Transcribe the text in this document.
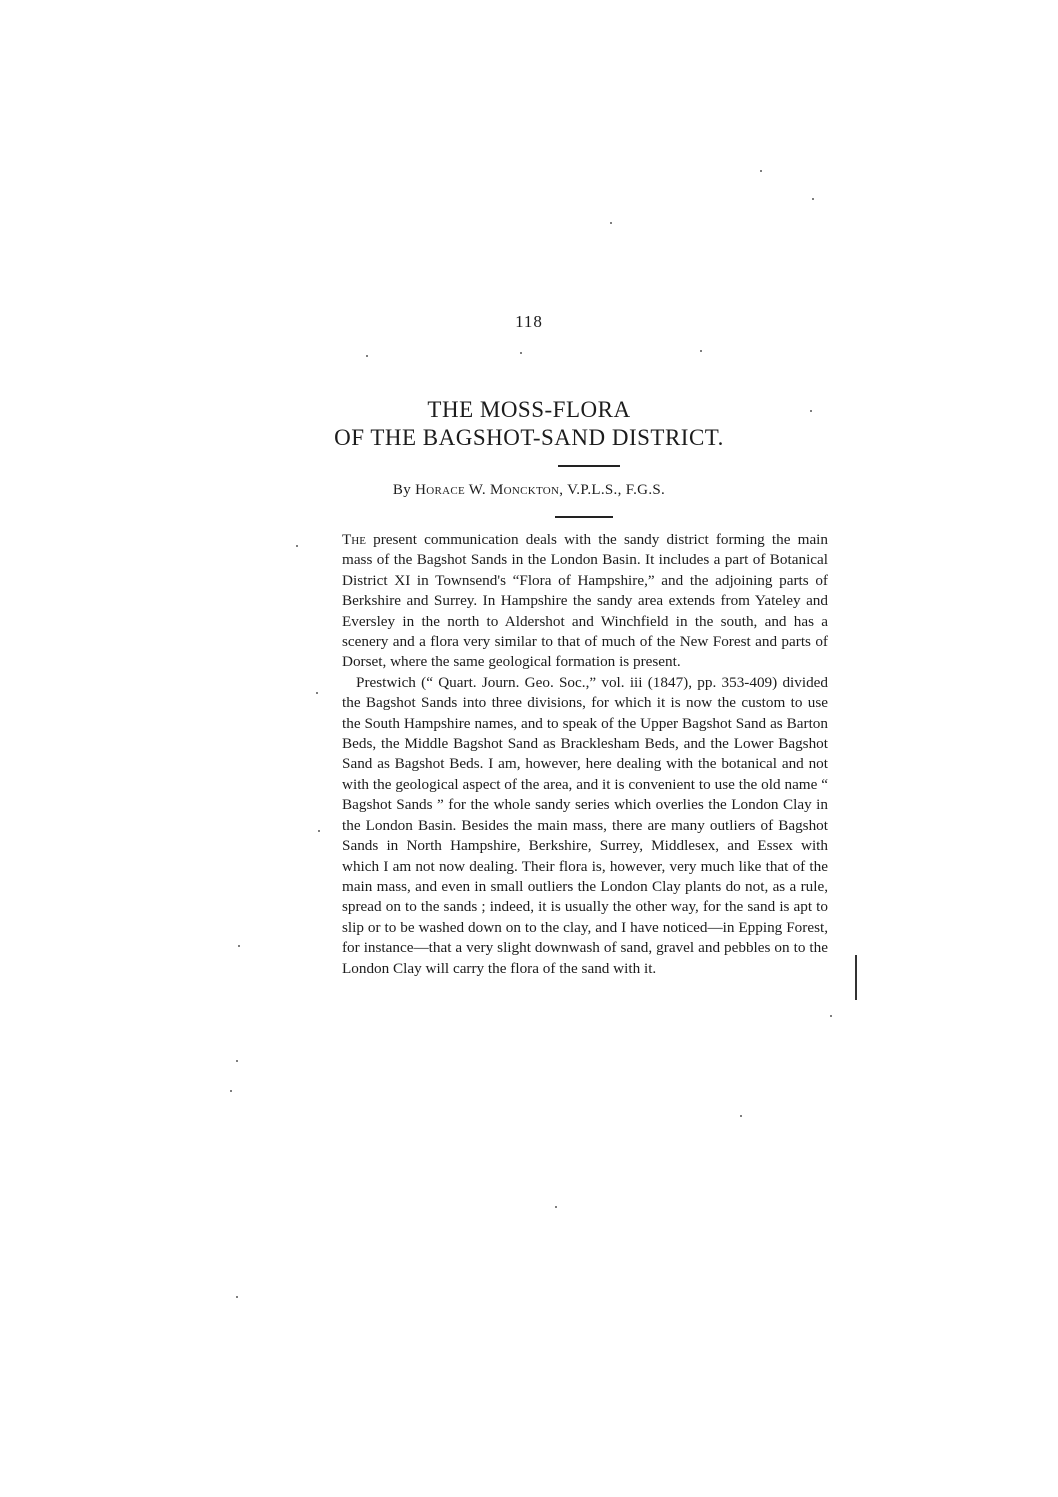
118
THE MOSS-FLORA
OF THE BAGSHOT-SAND DISTRICT.
By Horace W. Monckton, V.P.L.S., F.G.S.

The present communication deals with the sandy district forming the main mass of the Bagshot Sands in the London Basin. It includes a part of Botanical District XI in Townsend's “Flora of Hampshire,” and the adjoining parts of Berkshire and Surrey. In Hampshire the sandy area extends from Yateley and Eversley in the north to Aldershot and Winchfield in the south, and has a scenery and a flora very similar to that of much of the New Forest and parts of Dorset, where the same geological formation is present.

Prestwich (“ Quart. Journ. Geo. Soc.,” vol. iii (1847), pp. 353-409) divided the Bagshot Sands into three divisions, for which it is now the custom to use the South Hampshire names, and to speak of the Upper Bagshot Sand as Barton Beds, the Middle Bagshot Sand as Bracklesham Beds, and the Lower Bagshot Sand as Bagshot Beds. I am, however, here dealing with the botanical and not with the geological aspect of the area, and it is convenient to use the old name “ Bagshot Sands ” for the whole sandy series which overlies the London Clay in the London Basin. Besides the main mass, there are many outliers of Bagshot Sands in North Hampshire, Berkshire, Surrey, Middlesex, and Essex with which I am not now dealing. Their flora is, however, very much like that of the main mass, and even in small outliers the London Clay plants do not, as a rule, spread on to the sands ; indeed, it is usually the other way, for the sand is apt to slip or to be washed down on to the clay, and I have noticed—in Epping Forest, for instance—that a very slight downwash of sand, gravel and pebbles on to the London Clay will carry the flora of the sand with it.
